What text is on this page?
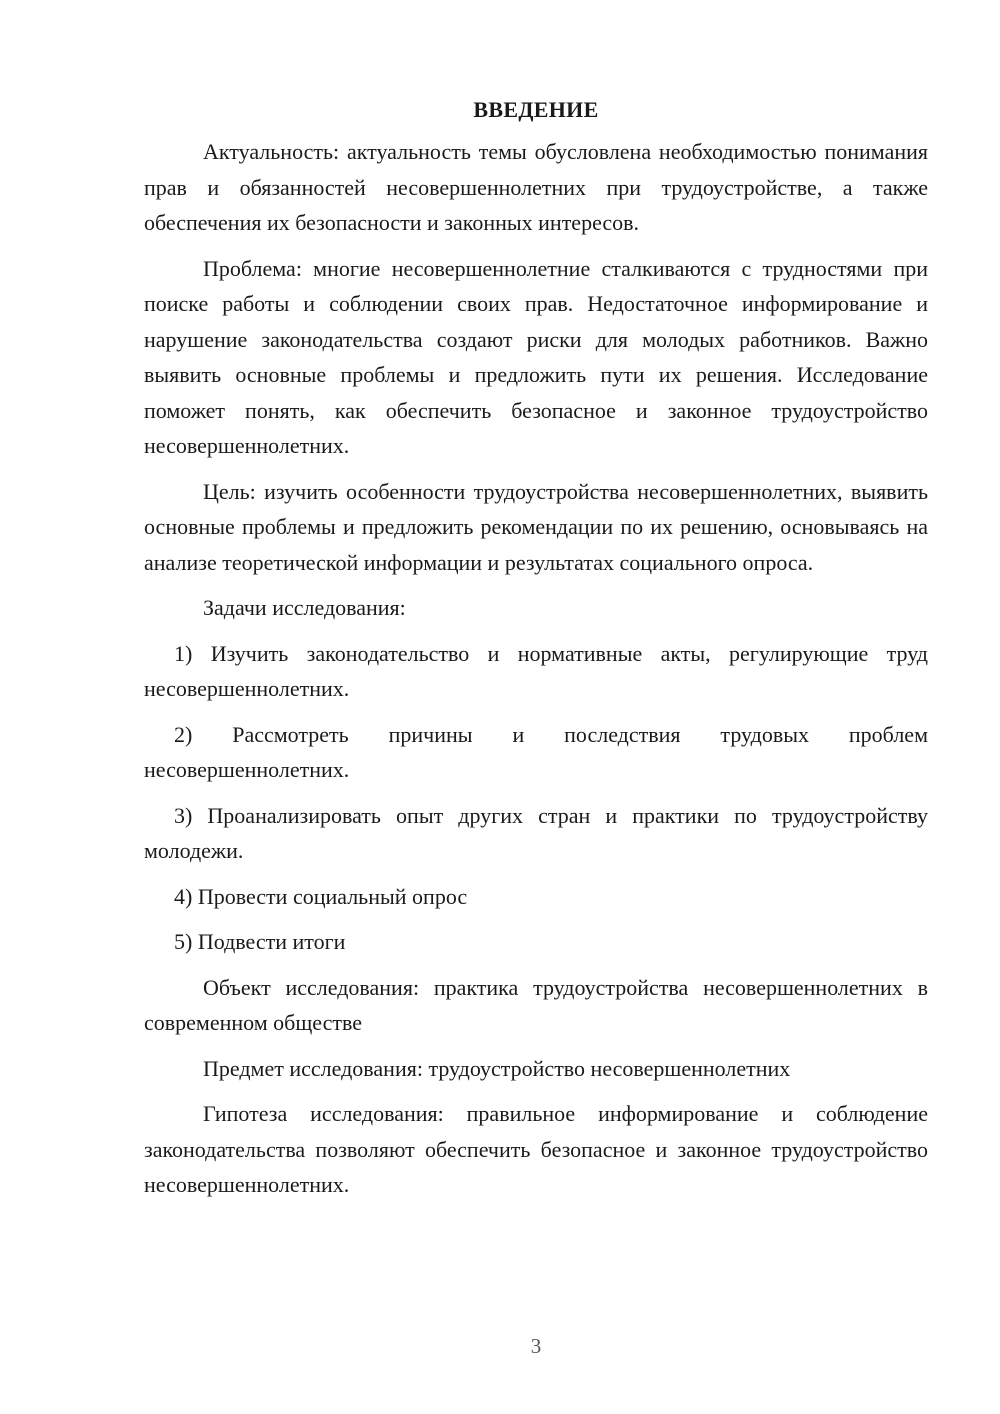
ВВЕДЕНИЕ

Актуальность: актуальность темы обусловлена необходимостью понимания прав и обязанностей несовершеннолетних при трудоустройстве, а также обеспечения их безопасности и законных интересов.

Проблема: многие несовершеннолетние сталкиваются с трудностями при поиске работы и соблюдении своих прав. Недостаточное информирование и нарушение законодательства создают риски для молодых работников. Важно выявить основные проблемы и предложить пути их решения. Исследование поможет понять, как обеспечить безопасное и законное трудоустройство несовершеннолетних.

Цель: изучить особенности трудоустройства несовершеннолетних, выявить основные проблемы и предложить рекомендации по их решению, основываясь на анализе теоретической информации и результатах социального опроса.

Задачи исследования:

1) Изучить законодательство и нормативные акты, регулирующие труд несовершеннолетних.

2) Рассмотреть причины и последствия трудовых проблем несовершеннолетних.

3) Проанализировать опыт других стран и практики по трудоустройству молодежи.

4) Провести социальный опрос

5) Подвести итоги

Объект исследования: практика трудоустройства несовершеннолетних в современном обществе

Предмет исследования: трудоустройство несовершеннолетних

Гипотеза исследования: правильное информирование и соблюдение законодательства позволяют обеспечить безопасное и законное трудоустройство несовершеннолетних.

3
